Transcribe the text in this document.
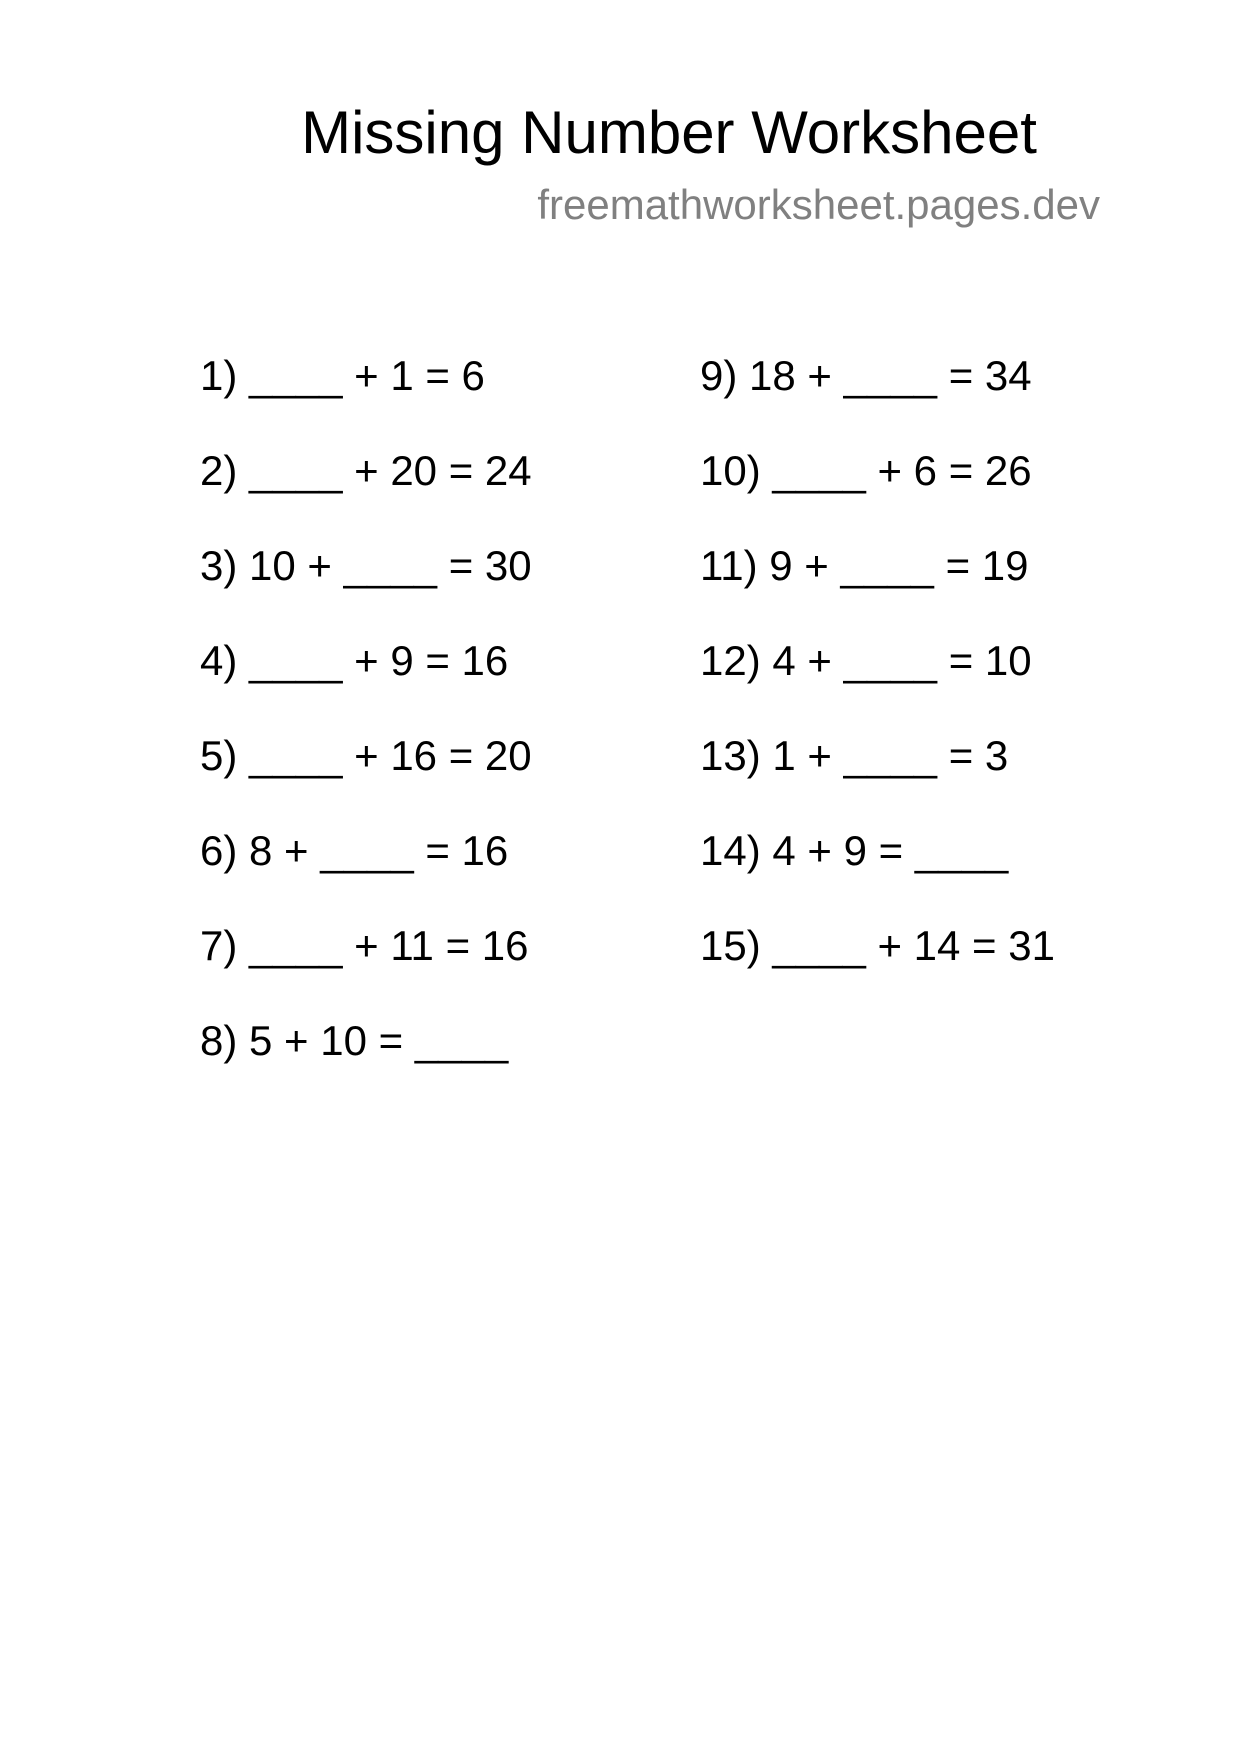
Missing Number Worksheet
freemathworksheet.pages.dev
1) ____ + 1 = 6
2) ____ + 20 = 24
3) 10 + ____ = 30
4) ____ + 9 = 16
5) ____ + 16 = 20
6) 8 + ____ = 16
7) ____ + 11 = 16
8) 5 + 10 = ____
9) 18 + ____ = 34
10) ____ + 6 = 26
11) 9 + ____ = 19
12) 4 + ____ = 10
13) 1 + ____ = 3
14) 4 + 9 = ____
15) ____ + 14 = 31
